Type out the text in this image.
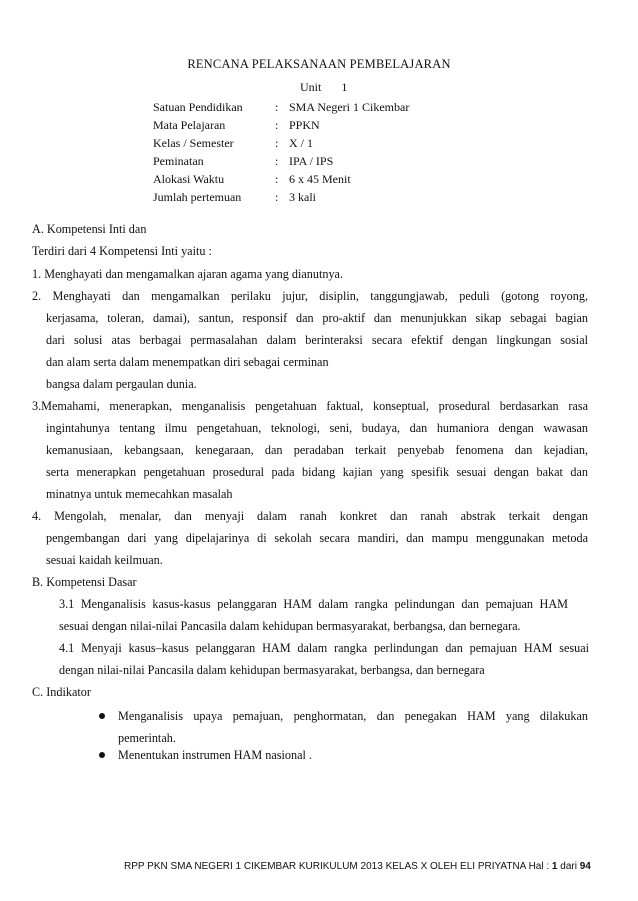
RENCANA PELAKSANAAN PEMBELAJARAN
Unit 1
Satuan Pendidikan	: SMA Negeri 1 Cikembar
Mata Pelajaran	: PPKN
Kelas / Semester	: X / 1
Peminatan	: IPA / IPS
Alokasi Waktu	: 6 x 45 Menit
Jumlah pertemuan	: 3 kali
A. Kompetensi Inti dan
Terdiri dari 4 Kompetensi Inti yaitu :
1. Menghayati dan mengamalkan ajaran agama yang dianutnya.
2. Menghayati dan mengamalkan perilaku jujur, disiplin, tanggungjawab, peduli (gotong royong,
kerjasama, toleran, damai), santun, responsif dan pro-aktif dan menunjukkan sikap sebagai bagian
dari solusi atas berbagai permasalahan dalam berinteraksi secara efektif dengan lingkungan sosial
dan alam serta dalam menempatkan diri sebagai cerminan
bangsa dalam pergaulan dunia.
3.Memahami, menerapkan, menganalisis pengetahuan faktual, konseptual, prosedural berdasarkan rasa
ingintahunya tentang ilmu pengetahuan, teknologi, seni, budaya, dan humaniora dengan wawasan
kemanusiaan, kebangsaan, kenegaraan, dan peradaban terkait penyebab fenomena dan kejadian,
serta menerapkan pengetahuan prosedural pada bidang kajian yang spesifik sesuai dengan bakat dan
minatnya untuk memecahkan masalah
4. Mengolah, menalar, dan menyaji dalam ranah konkret dan ranah abstrak terkait dengan
pengembangan dari yang dipelajarinya di sekolah secara mandiri, dan mampu menggunakan metoda
sesuai kaidah keilmuan.
B. Kompetensi Dasar
3.1 Menganalisis kasus-kasus pelanggaran HAM dalam rangka pelindungan dan pemajuan HAM
sesuai dengan nilai-nilai Pancasila dalam kehidupan bermasyarakat, berbangsa, dan bernegara.
4.1 Menyaji kasus–kasus pelanggaran HAM dalam rangka perlindungan dan pemajuan HAM sesuai
dengan nilai-nilai Pancasila dalam kehidupan bermasyarakat, berbangsa, dan bernegara
C. Indikator
Menganalisis upaya pemajuan, penghormatan, dan penegakan HAM yang dilakukan
pemerintah.
Menentukan instrumen HAM nasional .
RPP PKN SMA NEGERI 1 CIKEMBAR KURIKULUM 2013 KELAS X OLEH ELI PRIYATNA Hal : 1 dari 94
